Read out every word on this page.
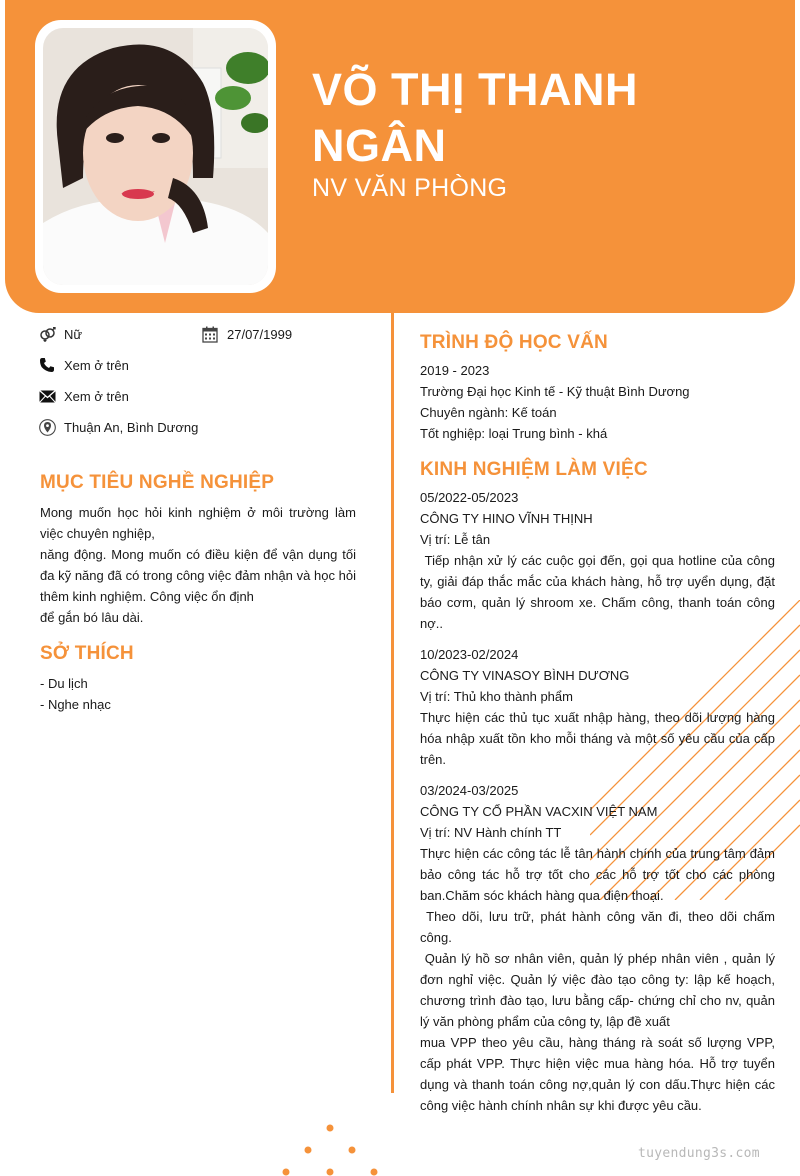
VÕ THỊ THANH
NGÂN
NV VĂN PHÒNG
Nữ	27/07/1999
Xem ở trên
Xem ở trên
Thuận An, Bình Dương
MỤC TIÊU NGHỀ NGHIỆP
Mong muốn học hỏi kinh nghiệm ở môi trường làm việc chuyên nghiệp,
năng động. Mong muốn có điều kiện để vận dụng tối đa kỹ năng đã có trong công việc đảm nhận và học hỏi thêm kinh nghiệm. Công việc ổn định
để gắn bó lâu dài.
SỞ THÍCH
- Du lịch
- Nghe nhạc
TRÌNH ĐỘ HỌC VẤN
2019 - 2023
Trường Đại học Kinh tế - Kỹ thuật Bình Dương
Chuyên ngành: Kế toán
Tốt nghiệp: loại Trung bình - khá
KINH NGHIỆM LÀM VIỆC
05/2022-05/2023
CÔNG TY HINO VĨNH THỊNH
Vị trí: Lễ tân
Tiếp nhận xử lý các cuộc gọi đến, gọi qua hotline của công ty, giải đáp thắc mắc của khách hàng, hỗ trợ uyển dụng, đặt báo cơm, quản lý shroom xe. Chấm công, thanh toán công nợ..
10/2023-02/2024
CÔNG TY VINASOY BÌNH DƯƠNG
Vị trí: Thủ kho thành phẩm
Thực hiện các thủ tục xuất nhập hàng, theo dõi lượng hàng hóa nhập xuất tồn kho mỗi tháng và một số yêu cầu của cấp trên.
03/2024-03/2025
CÔNG TY CỔ PHẦN VACXIN VIỆT NAM
Vị trí: NV Hành chính TT
Thực hiện các công tác lễ tân hành chính của trung tâm đảm bảo công tác hỗ trợ tốt cho các hỗ trợ tốt cho các phòng ban.Chăm sóc khách hàng qua điện thoại.
Theo dõi, lưu trữ, phát hành công văn đi, theo dõi chấm công.
Quản lý hồ sơ nhân viên, quản lý phép nhân viên , quản lý đơn nghỉ việc. Quản lý việc đào tạo công ty: lập kế hoạch, chương trình đào tạo, lưu bằng cấp- chứng chỉ cho nv, quản lý văn phòng phẩm của công ty, lập đề xuất
mua VPP theo yêu cầu, hàng tháng rà soát số lượng VPP, cấp phát VPP. Thực hiện việc mua hàng hóa. Hỗ trợ tuyển dụng và thanh toán công nợ,quản lý con dấu.Thực hiện các công việc hành chính nhân sự khi được yêu cầu.
tuyendung3s.com
